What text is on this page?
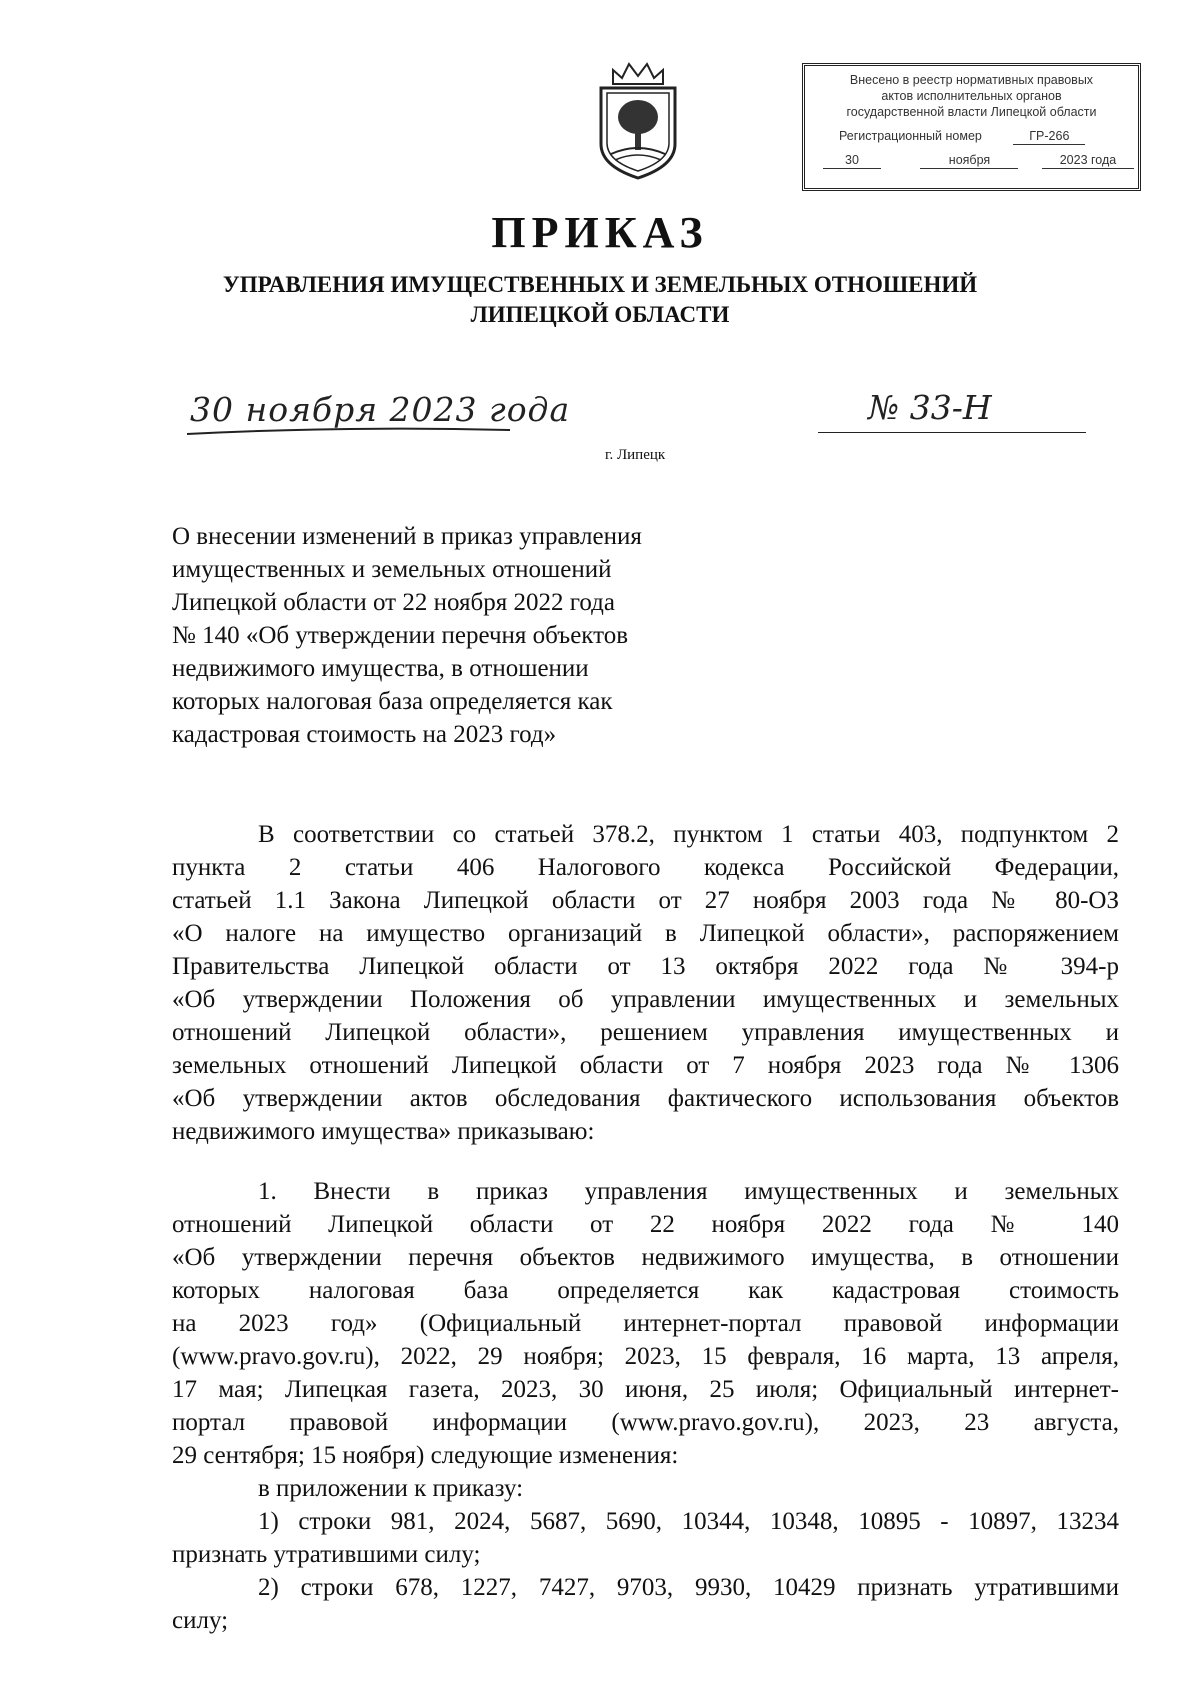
Внесено в реестр нормативных правовых
актов исполнительных органов
государственной власти Липецкой области
Регистрационный номер	ГР-266
30	ноября	2023 года
ПРИКАЗ
УПРАВЛЕНИЯ ИМУЩЕСТВЕННЫХ И ЗЕМЕЛЬНЫХ ОТНОШЕНИЙ
ЛИПЕЦКОЙ ОБЛАСТИ
30 ноября 2023 года	№ 33-Н
г. Липецк
О внесении изменений в приказ управления
имущественных и земельных отношений
Липецкой области от 22 ноября 2022 года
№ 140 «Об утверждении перечня объектов
недвижимого имущества, в отношении
которых налоговая база определяется как
кадастровая стоимость на 2023 год»
В соответствии со статьей 378.2, пунктом 1 статьи 403, подпунктом 2
пункта 2 статьи 406 Налогового кодекса Российской Федерации,
статьей 1.1 Закона Липецкой области от 27 ноября 2003 года № 80-ОЗ
«О налоге на имущество организаций в Липецкой области», распоряжением
Правительства Липецкой области от 13 октября 2022 года № 394-р
«Об утверждении Положения об управлении имущественных и земельных
отношений Липецкой области», решением управления имущественных и
земельных отношений Липецкой области от 7 ноября 2023 года № 1306
«Об утверждении актов обследования фактического использования объектов
недвижимого имущества» приказываю:
1. Внести в приказ управления имущественных и земельных
отношений Липецкой области от 22 ноября 2022 года № 140
«Об утверждении перечня объектов недвижимого имущества, в отношении
которых налоговая база определяется как кадастровая стоимость
на 2023 год» (Официальный интернет-портал правовой информации
(www.pravo.gov.ru), 2022, 29 ноября; 2023, 15 февраля, 16 марта, 13 апреля,
17 мая; Липецкая газета, 2023, 30 июня, 25 июля; Официальный интернет-
портал правовой информации (www.pravo.gov.ru), 2023, 23 августа,
29 сентября; 15 ноября) следующие изменения:
в приложении к приказу:
1) строки 981, 2024, 5687, 5690, 10344, 10348, 10895 - 10897, 13234
признать утратившими силу;
2) строки 678, 1227, 7427, 9703, 9930, 10429 признать утратившими
силу;
